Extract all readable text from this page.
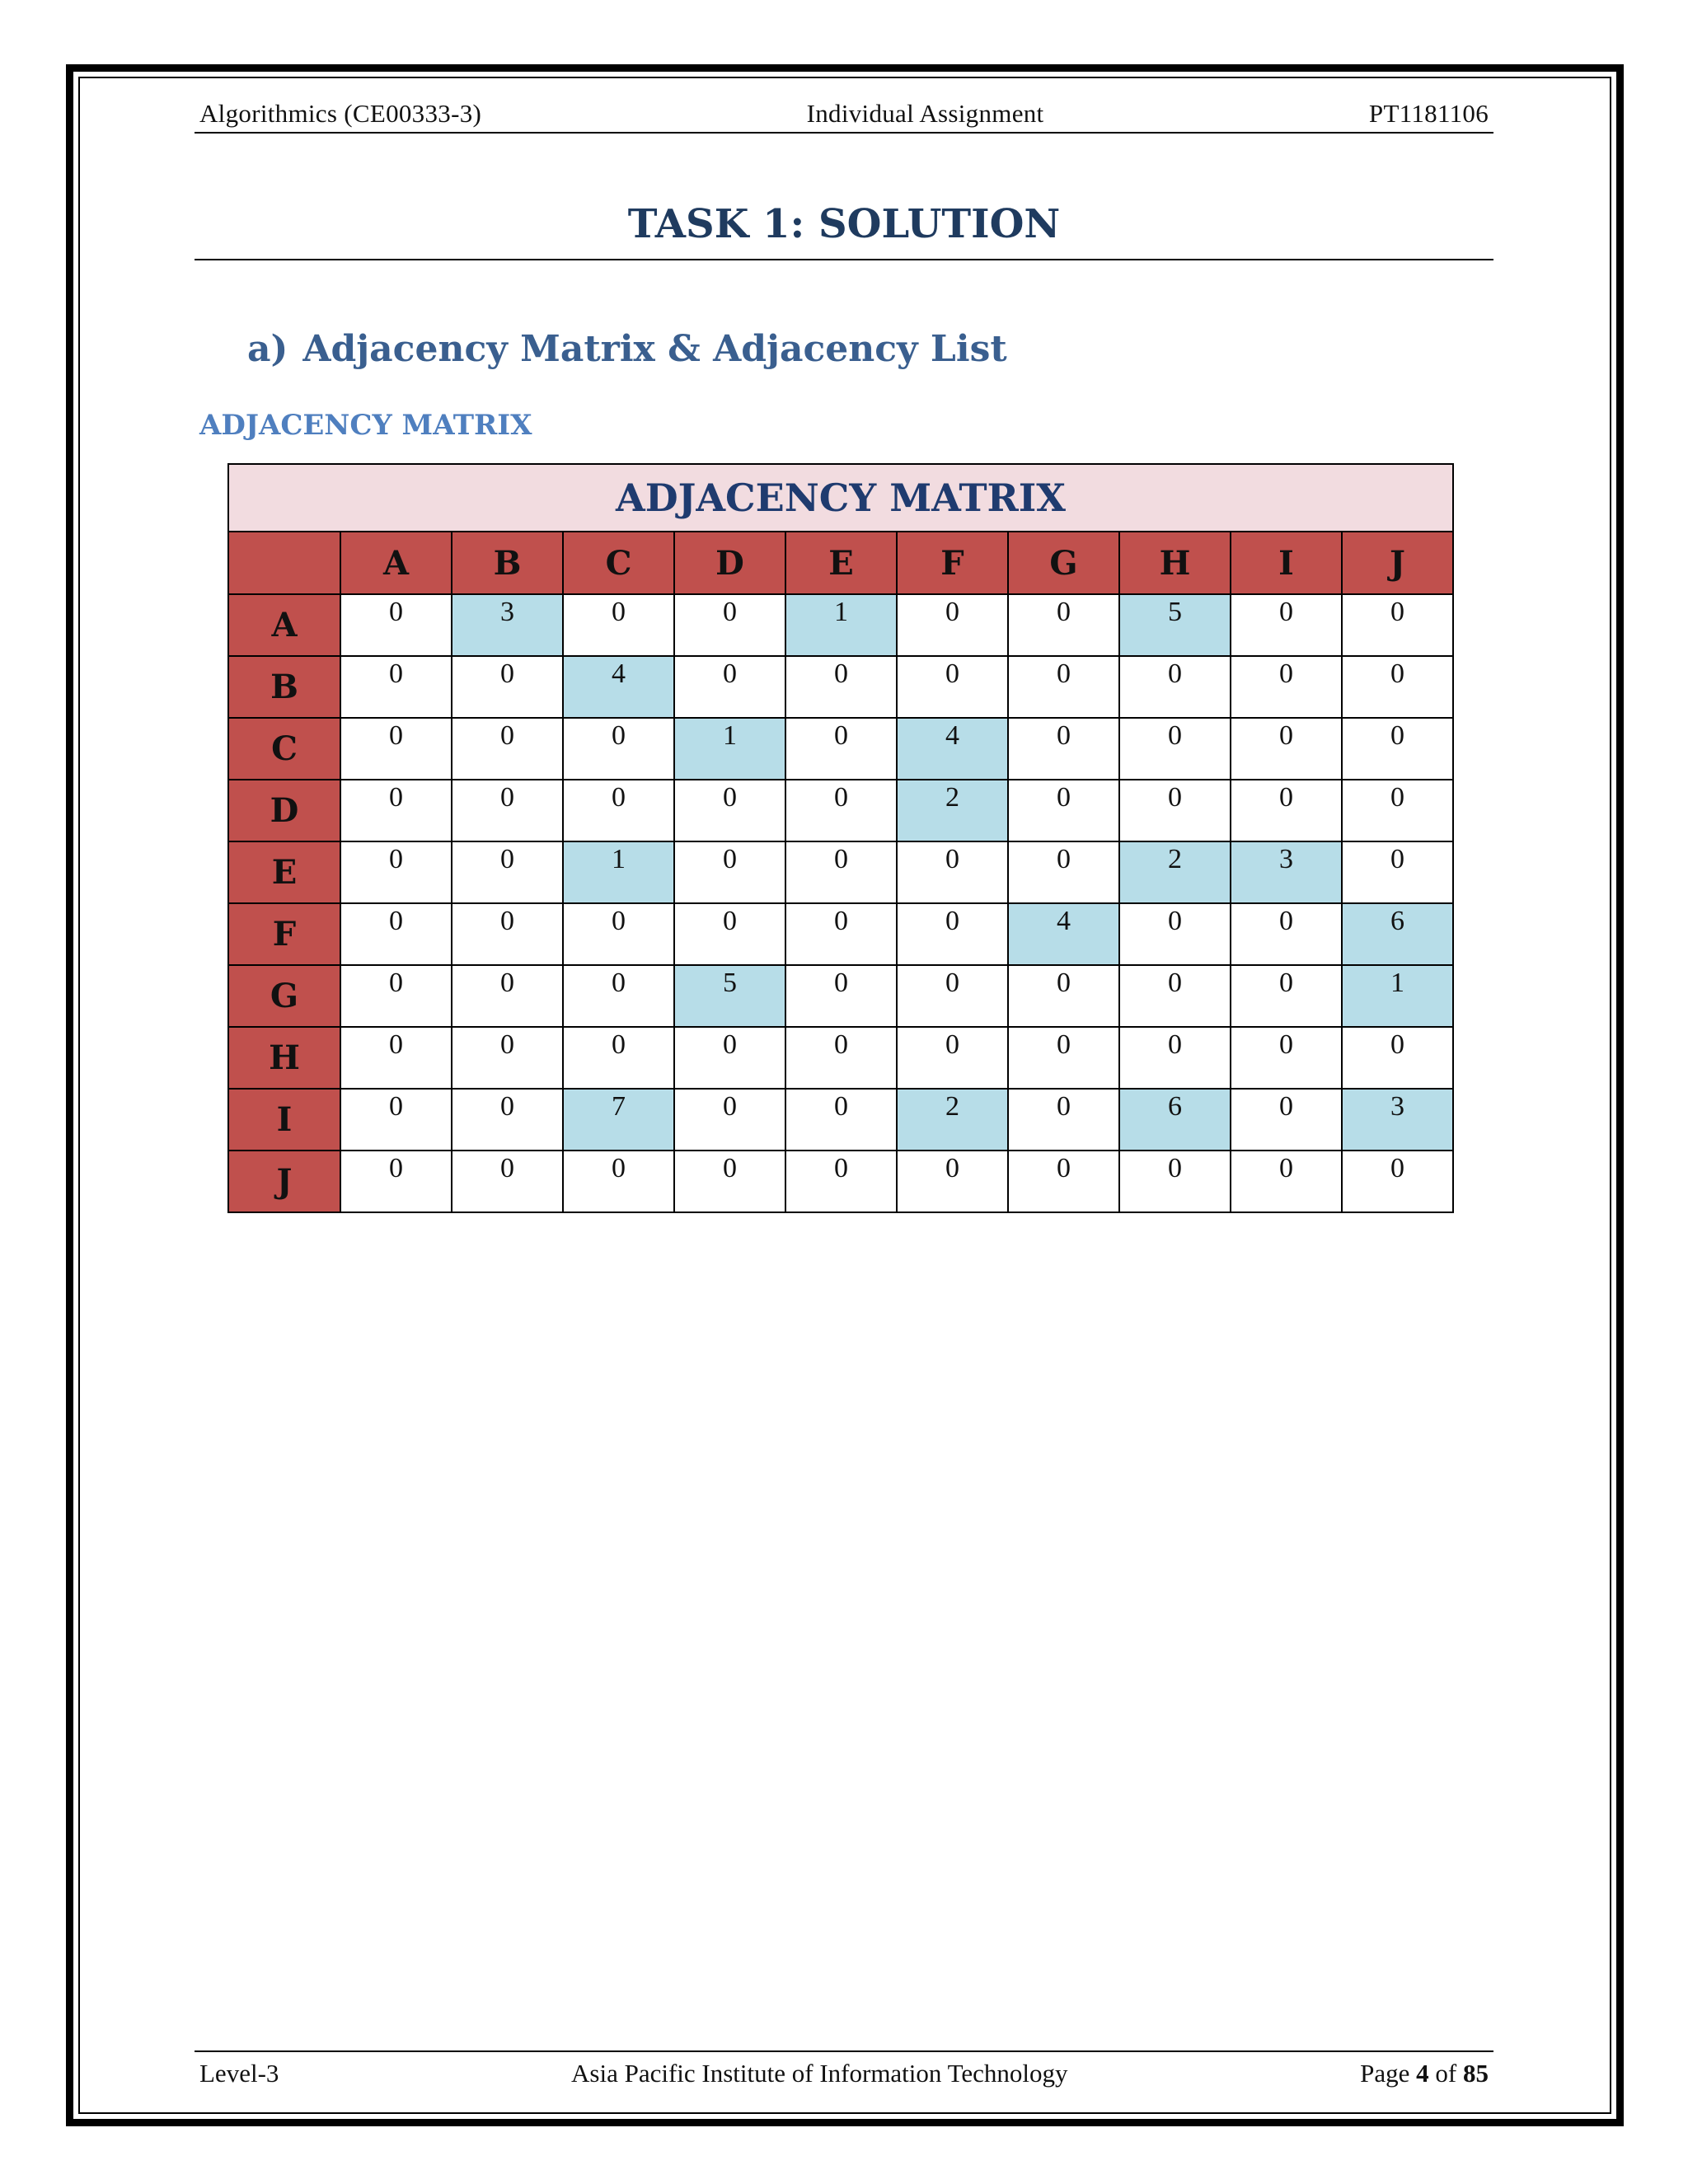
Algorithmics (CE00333-3)	Individual Assignment	PT1181106
TASK 1: SOLUTION
a) Adjacency Matrix & Adjacency List
ADJACENCY MATRIX
ADJACENCY MATRIX										
	A	B	C	D	E	F	G	H	I	J
A	0	3	0	0	1	0	0	5	0	0
B	0	0	4	0	0	0	0	0	0	0
C	0	0	0	1	0	4	0	0	0	0
D	0	0	0	0	0	2	0	0	0	0
E	0	0	1	0	0	0	0	2	3	0
F	0	0	0	0	0	0	4	0	0	6
G	0	0	0	5	0	0	0	0	0	1
H	0	0	0	0	0	0	0	0	0	0
I	0	0	7	0	0	2	0	6	0	3
J	0	0	0	0	0	0	0	0	0	0
Level-3	Asia Pacific Institute of Information Technology	Page 4 of 85
